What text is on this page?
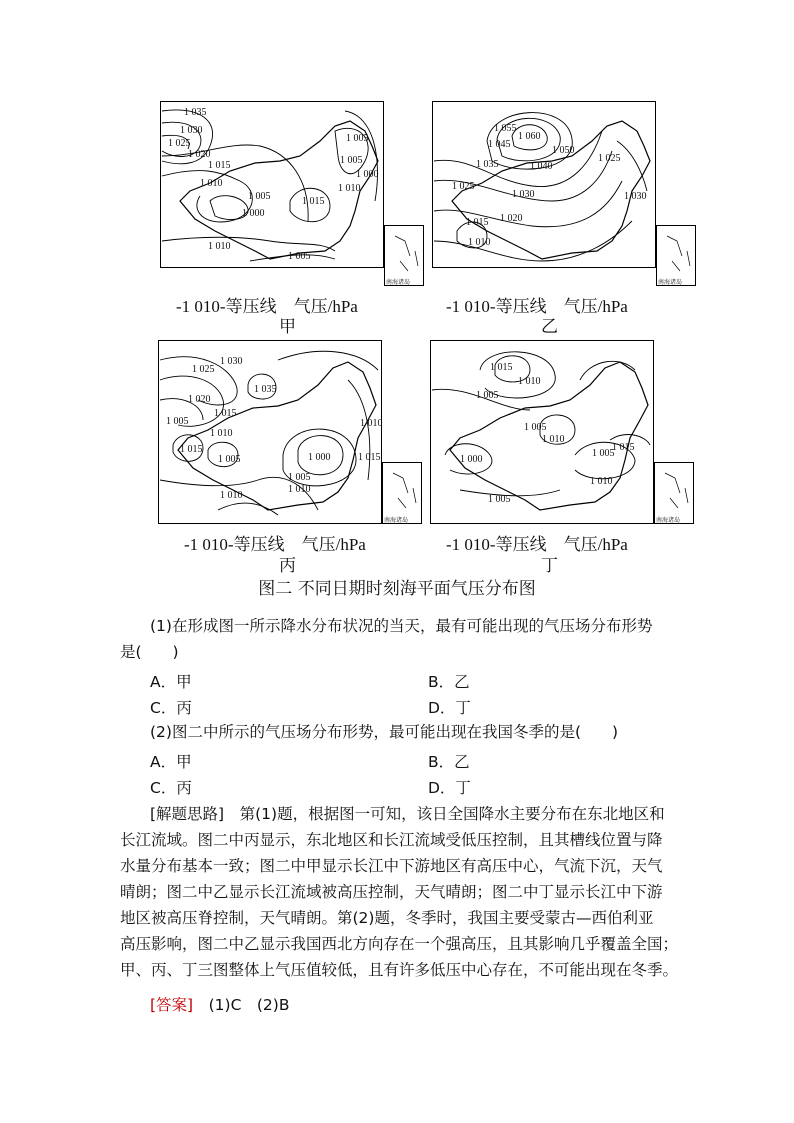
南海诸岛
1 035
1 030
1 025
1 020
1 015
1 010
1 005
1 000
1 015
1 010
1 005
1 005
1 000
1 010
1 005
-1 010-等压线 气压/hPa
甲
南海诸岛
1 060
1 055
1 050
1 045
1 040
1 035
1 025
1 030
1 020
1 015
1 010
1 025
1 030
-1 010-等压线 气压/hPa
乙
南海诸岛
1 025
1 030
1 035
1 020
1 015
1 010
1 005
1 015
1 005
1 010
1 000
1 005
1 010
1 015
1 010
-1 010-等压线 气压/hPa
丙
南海诸岛
1 015
1 010
1 005
1 005
1 010
1 000
1 005
1 010
1 015
1 005
-1 010-等压线 气压/hPa
丁
图二 不同日期时刻海平面气压分布图
(1)在形成图一所示降水分布状况的当天，最有可能出现的气压场分布形势
是(　　)
A．甲	B．乙
C．丙	D．丁
(2)图二中所示的气压场分布形势，最可能出现在我国冬季的是(　　)
A．甲	B．乙
C．丙	D．丁
[解题思路]　第(1)题，根据图一可知，该日全国降水主要分布在东北地区和
长江流域。图二中丙显示，东北地区和长江流域受低压控制，且其槽线位置与降
水量分布基本一致；图二中甲显示长江中下游地区有高压中心，气流下沉，天气
晴朗；图二中乙显示长江流域被高压控制，天气晴朗；图二中丁显示长江中下游
地区被高压脊控制，天气晴朗。第(2)题，冬季时，我国主要受蒙古—西伯利亚
高压影响，图二中乙显示我国西北方向存在一个强高压，且其影响几乎覆盖全国；
甲、丙、丁三图整体上气压值较低，且有许多低压中心存在，不可能出现在冬季。
[答案]　(1)C　(2)B
